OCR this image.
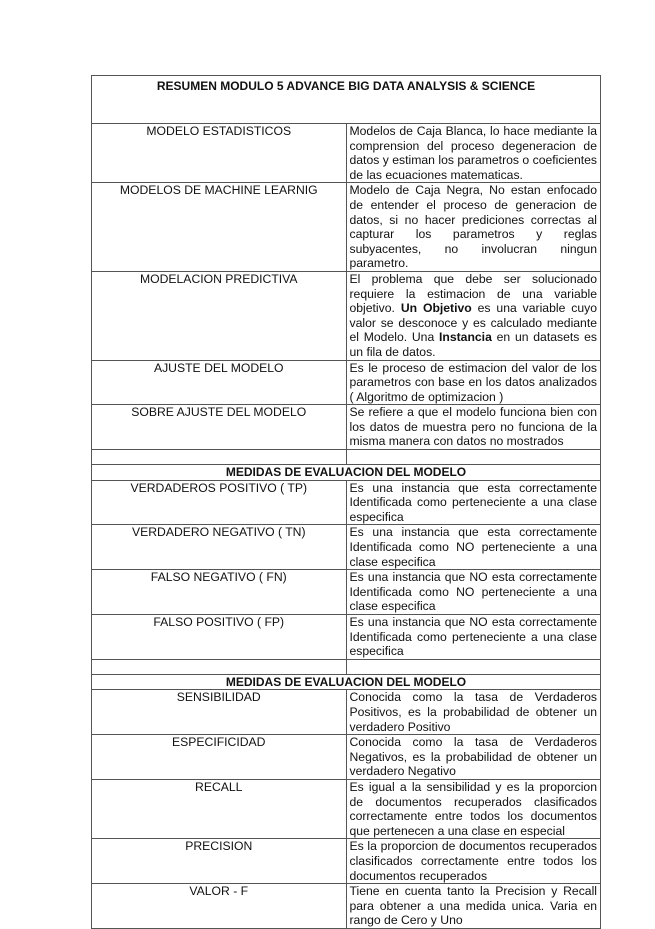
RESUMEN MODULO 5 ADVANCE BIG DATA ANALYSIS & SCIENCE	
MODELO ESTADISTICOS	Modelos de Caja Blanca, lo hace mediante la comprension del proceso degeneracion de datos y estiman los parametros o coeficientes de las ecuaciones matematicas.
MODELOS DE MACHINE LEARNIG	Modelo de Caja Negra, No estan enfocado de entender el proceso de generacion de datos, si no hacer prediciones correctas al capturar los parametros y reglas subyacentes, no involucran ningun parametro.
MODELACION PREDICTIVA	El problema que debe ser solucionado requiere la estimacion de una variable objetivo. Un Objetivo es una variable cuyo valor se desconoce y es calculado mediante el Modelo. Una Instancia en un datasets es un fila de datos.
AJUSTE DEL MODELO	Es le proceso de estimacion del valor de los parametros con base en los datos analizados ( Algoritmo de optimizacion )
SOBRE AJUSTE DEL MODELO	Se refiere a que el modelo funciona bien con los datos de muestra pero no funciona de la misma manera con datos no mostrados

MEDIDAS DE EVALUACION DEL MODELO	
VERDADEROS POSITIVO ( TP)	Es una instancia que esta correctamente Identificada como perteneciente a una clase especifica
VERDADERO NEGATIVO ( TN)	Es una instancia que esta correctamente Identificada como NO perteneciente a una clase especifica
FALSO NEGATIVO ( FN)	Es una instancia que NO esta correctamente Identificada como NO perteneciente a una clase especifica
FALSO POSITIVO ( FP)	Es una instancia que NO esta correctamente Identificada como perteneciente a una clase especifica

MEDIDAS DE EVALUACION DEL MODELO	
SENSIBILIDAD	Conocida como la tasa de Verdaderos Positivos, es la probabilidad de obtener un verdadero Positivo
ESPECIFICIDAD	Conocida como la tasa de Verdaderos Negativos, es la probabilidad de obtener un verdadero Negativo
RECALL	Es igual a la sensibilidad y es la proporcion de documentos recuperados clasificados correctamente entre todos los documentos que pertenecen a una clase en especial
PRECISION	Es la proporcion de documentos recuperados clasificados correctamente entre todos los documentos recuperados
VALOR - F	Tiene en cuenta tanto la Precision y Recall para obtener a una medida unica. Varia en rango de Cero y Uno
